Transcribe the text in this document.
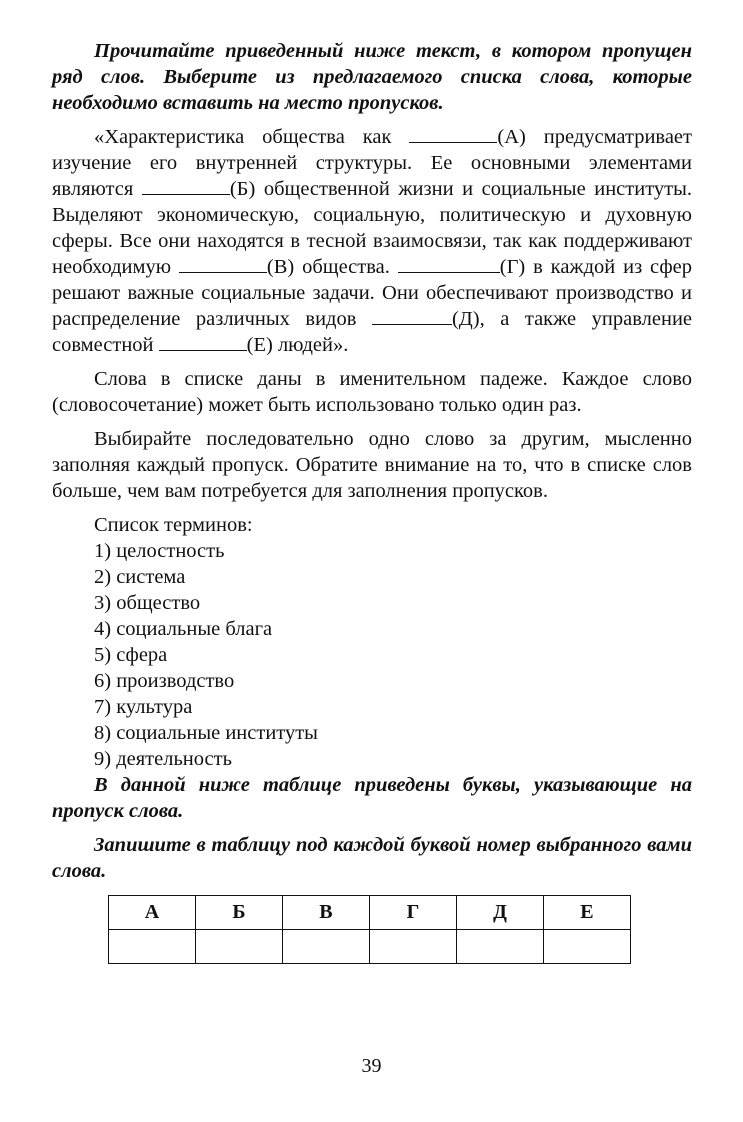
Прочитайте приведенный ниже текст, в котором пропущен ряд слов. Выберите из предлагаемого списка слова, которые необходимо вставить на место пропусков.

«Характеристика общества как	(А) предусматривает изучение его внутренней структуры. Ее основными элементами являются	(Б) общественной жизни и социальные институты. Выделяют экономическую, социальную, политическую и духовную сферы. Все они находятся в тесной взаимосвязи, так как поддерживают необходимую	(В) общества.	(Г) в каждой из сфер решают важные социальные задачи. Они обеспечивают производство и распределение различных видов	(Д), а также управление совместной	(Е) людей».

Слова в списке даны в именительном падеже. Каждое слово (словосочетание) может быть использовано только один раз.

Выбирайте последовательно одно слово за другим, мысленно заполняя каждый пропуск. Обратите внимание на то, что в списке слов больше, чем вам потребуется для заполнения пропусков.

Список терминов:

1) целостность
2) система
3) общество
4) социальные блага
5) сфера
6) производство
7) культура
8) социальные институты
9) деятельность

В данной ниже таблице приведены буквы, указывающие на пропуск слова.

Запишите в таблицу под каждой буквой номер выбранного вами слова.

А	Б	В	Г	Д	Е

39
